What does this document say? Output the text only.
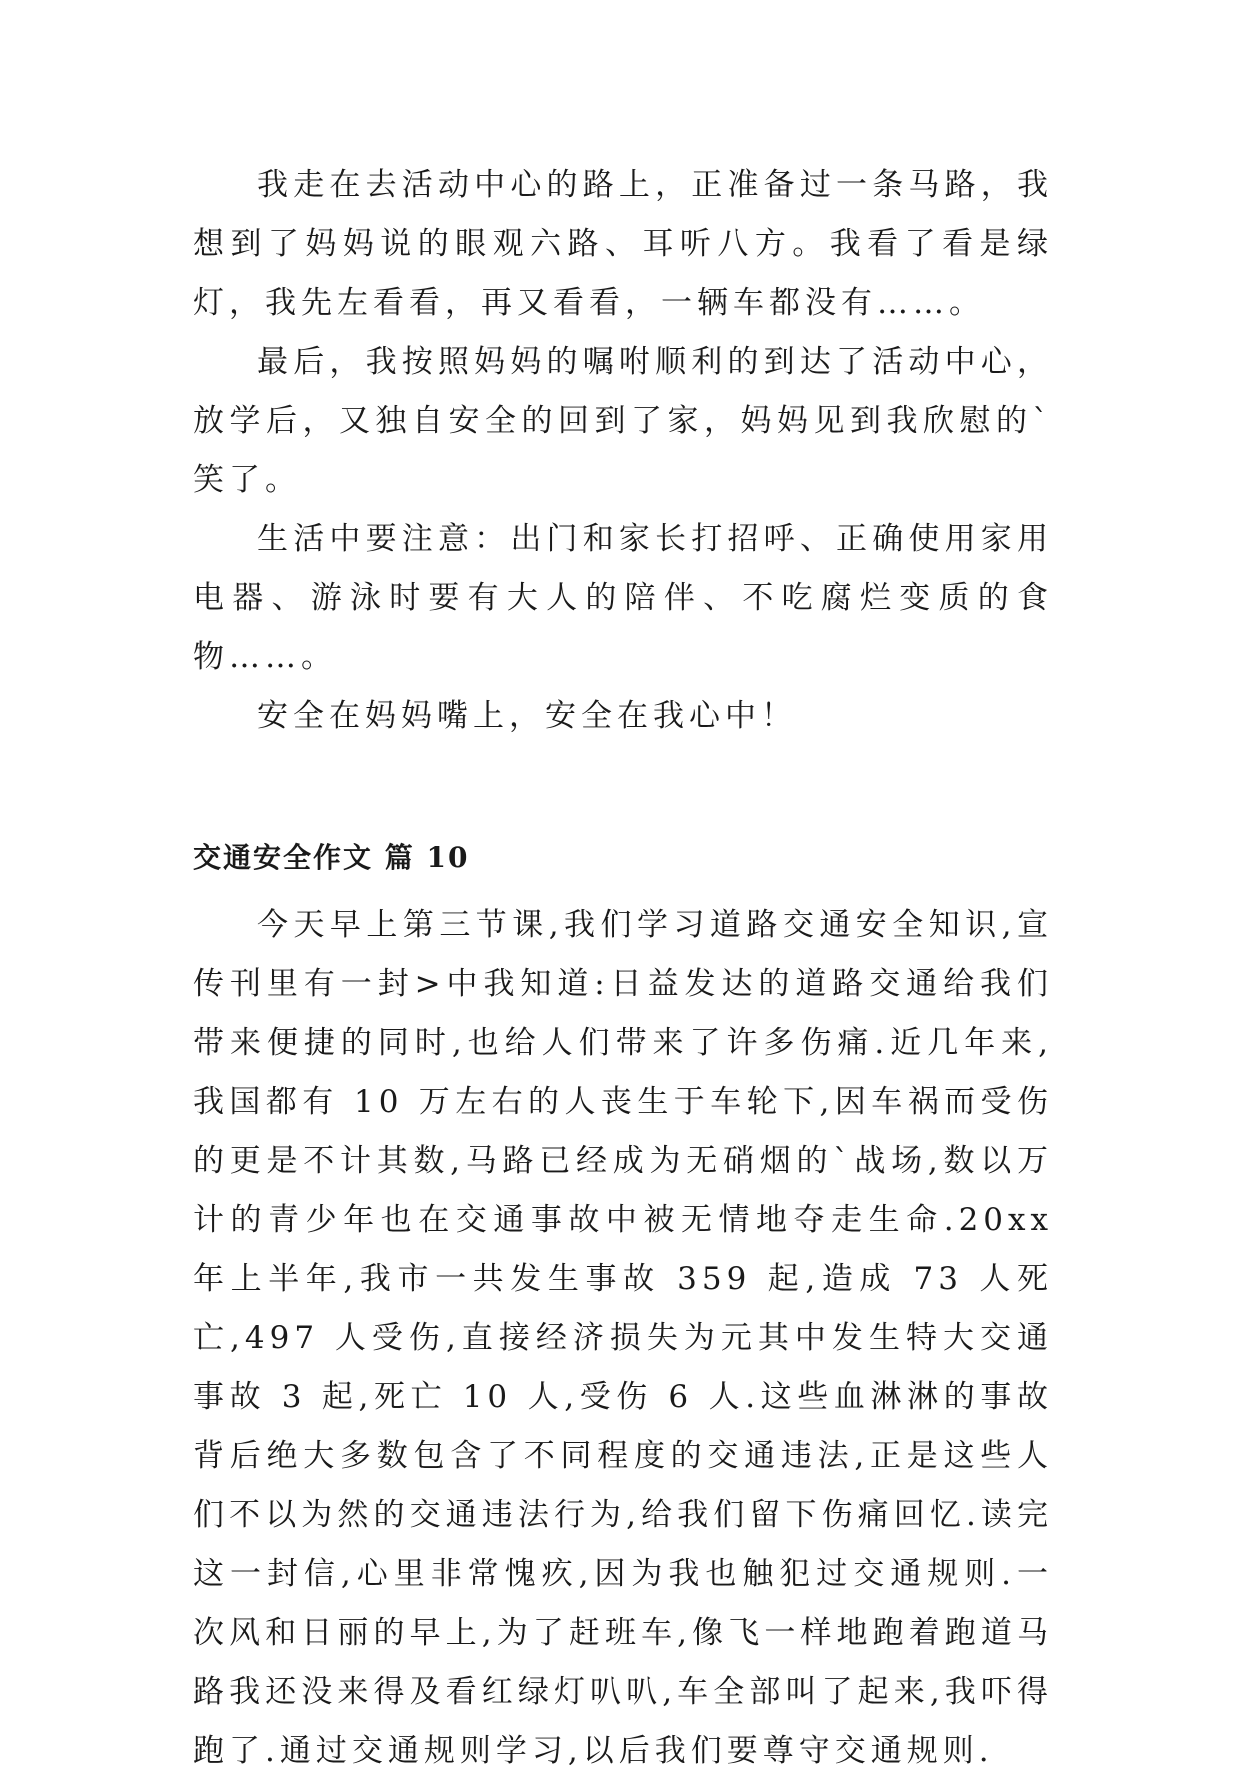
我走在去活动中心的路上，正准备过一条马路，我想到了妈妈说的眼观六路、耳听八方。我看了看是绿灯，我先左看看，再又看看，一辆车都没有……。

最后，我按照妈妈的嘱咐顺利的到达了活动中心，放学后，又独自安全的回到了家，妈妈见到我欣慰的`笑了。

生活中要注意：出门和家长打招呼、正确使用家用电器、游泳时要有大人的陪伴、不吃腐烂变质的食物……。

安全在妈妈嘴上，安全在我心中！

交通安全作文 篇 10

今天早上第三节课,我们学习道路交通安全知识,宣传刊里有一封>中我知道:日益发达的道路交通给我们带来便捷的同时,也给人们带来了许多伤痛.近几年来,我国都有 10 万左右的人丧生于车轮下,因车祸而受伤的更是不计其数,马路已经成为无硝烟的`战场,数以万计的青少年也在交通事故中被无情地夺走生命.20xx 年上半年,我市一共发生事故 359 起,造成 73 人死亡,497 人受伤,直接经济损失为元其中发生特大交通事故 3 起,死亡 10 人,受伤 6 人.这些血淋淋的事故背后绝大多数包含了不同程度的交通违法,正是这些人们不以为然的交通违法行为,给我们留下伤痛回忆.读完这一封信,心里非常愧疚,因为我也触犯过交通规则.一次风和日丽的早上,为了赶班车,像飞一样地跑着跑道马路我还没来得及看红绿灯叭叭,车全部叫了起来,我吓得跑了.通过交通规则学习,以后我们要尊守交通规则.
